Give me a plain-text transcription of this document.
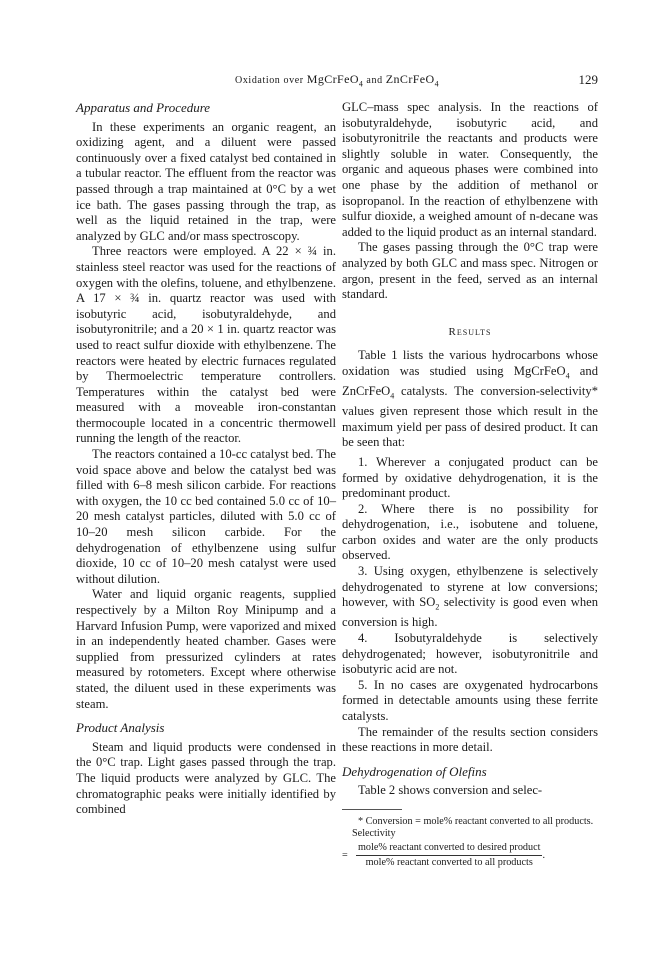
Oxidation over MgCrFeO$_4$ and ZnCrFeO$_4$	129
Apparatus and Procedure

In these experiments an organic reagent, an oxidizing agent, and a diluent were passed continuously over a fixed catalyst bed contained in a tubular reactor. The effluent from the reactor was passed through a trap maintained at 0°C by a wet ice bath. The gases passing through the trap, as well as the liquid retained in the trap, were analyzed by GLC and/or mass spectroscopy.

Three reactors were employed. A 22 × ¾ in. stainless steel reactor was used for the reactions of oxygen with the olefins, toluene, and ethylbenzene. A 17 × ¾ in. quartz reactor was used with isobutyric acid, isobutyraldehyde, and isobutyronitrile; and a 20 × 1 in. quartz reactor was used to react sulfur dioxide with ethylbenzene. The reactors were heated by electric furnaces regulated by Thermoelectric temperature controllers. Temperatures within the catalyst bed were measured with a moveable iron-constantan thermocouple located in a concentric thermowell running the length of the reactor.

The reactors contained a 10-cc catalyst bed. The void space above and below the catalyst bed was filled with 6–8 mesh silicon carbide. For reactions with oxygen, the 10 cc bed contained 5.0 cc of 10–20 mesh catalyst particles, diluted with 5.0 cc of 10–20 mesh silicon carbide. For the dehydrogenation of ethylbenzene using sulfur dioxide, 10 cc of 10–20 mesh catalyst were used without dilution.

Water and liquid organic reagents, supplied respectively by a Milton Roy Minipump and a Harvard Infusion Pump, were vaporized and mixed in an independently heated chamber. Gases were supplied from pressurized cylinders at rates measured by rotometers. Except where otherwise stated, the diluent used in these experiments was steam.

Product Analysis

Steam and liquid products were condensed in the 0°C trap. Light gases passed through the trap. The liquid products were analyzed by GLC. The chromatographic peaks were initially identified by combined

GLC–mass spec analysis. In the reactions of isobutyraldehyde, isobutyric acid, and isobutyronitrile the reactants and products were slightly soluble in water. Consequently, the organic and aqueous phases were combined into one phase by the addition of methanol or isopropanol. In the reaction of ethylbenzene with sulfur dioxide, a weighed amount of n-decane was added to the liquid product as an internal standard.

The gases passing through the 0°C trap were analyzed by both GLC and mass spec. Nitrogen or argon, present in the feed, served as an internal standard.

Results

Table 1 lists the various hydrocarbons whose oxidation was studied using MgCrFeO$_4$ and ZnCrFeO$_4$ catalysts. The conversion-selectivity* values given represent those which result in the maximum yield per pass of desired product. It can be seen that:

1. Wherever a conjugated product can be formed by oxidative dehydrogenation, it is the predominant product.

2. Where there is no possibility for dehydrogenation, i.e., isobutene and toluene, carbon oxides and water are the only products observed.

3. Using oxygen, ethylbenzene is selectively dehydrogenated to styrene at low conversions; however, with $SO_2$ selectivity is good even when conversion is high.

4. Isobutyraldehyde is selectively dehydrogenated; however, isobutyronitrile and isobutyric acid are not.

5. In no cases are oxygenated hydrocarbons formed in detectable amounts using these ferrite catalysts.

The remainder of the results section considers these reactions in more detail.

Dehydrogenation of Olefins

Table 2 shows conversion and selec-

* Conversion = mole% reactant converted to all products.

Selectivity
= $\frac{\text{mole\% reactant converted to desired product}}{\text{mole\% reactant converted to all products}}$ .
